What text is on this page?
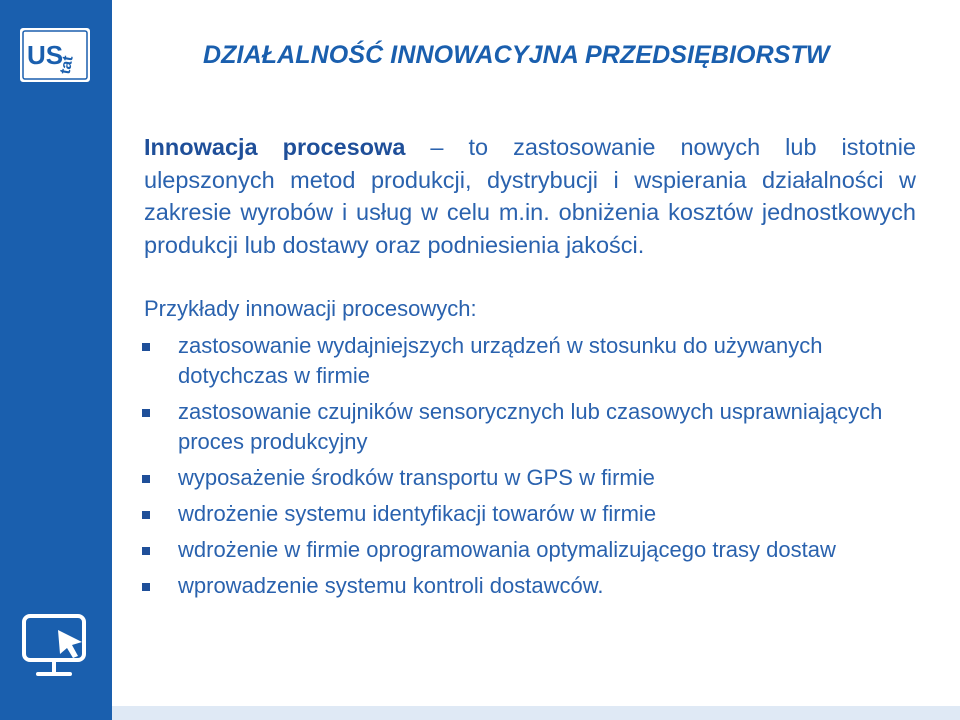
US
tat	DZIAŁALNOŚĆ INNOWACYJNA PRZEDSIĘBIORSTW
Innowacja procesowa – to zastosowanie nowych lub istotnie ulepszonych metod produkcji, dystrybucji i wspierania działalności w zakresie wyrobów i usług w celu m.in. obniżenia kosztów jednostkowych produkcji lub dostawy oraz podniesienia jakości.
Przykłady innowacji procesowych:
zastosowanie wydajniejszych urządzeń w stosunku do używanych dotychczas w firmie
zastosowanie czujników sensorycznych lub czasowych usprawniających proces produkcyjny
wyposażenie środków transportu w GPS w firmie
wdrożenie systemu identyfikacji towarów w firmie
wdrożenie w firmie oprogramowania optymalizującego trasy dostaw
wprowadzenie systemu kontroli dostawców.
